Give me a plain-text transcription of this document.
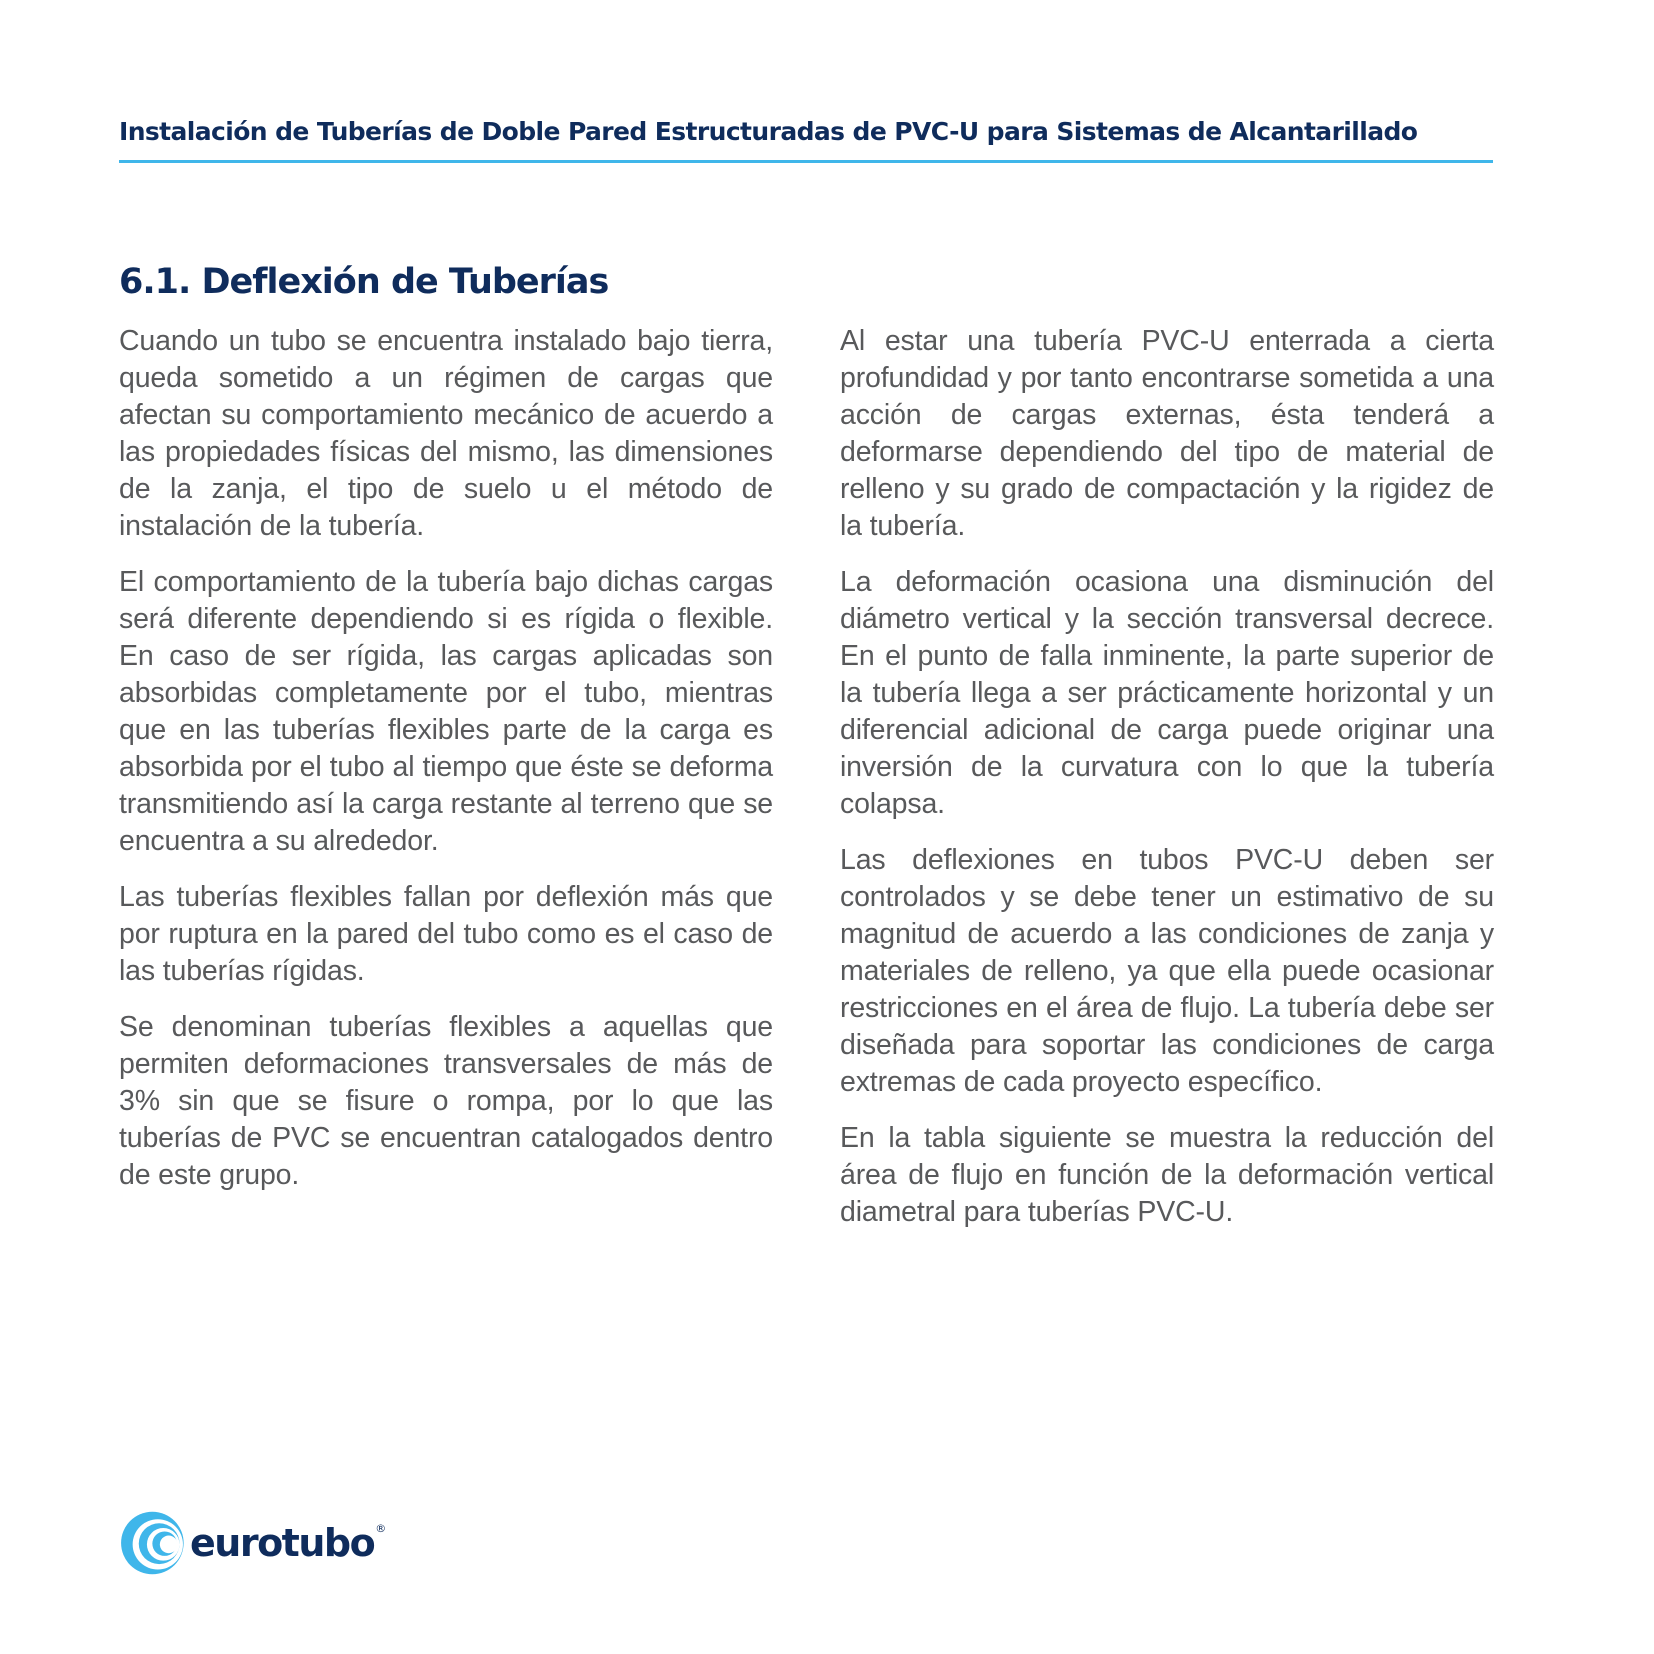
Instalación de Tuberías de Doble Pared Estructuradas de PVC-U para Sistemas de Alcantarillado
6.1. Deflexión de Tuberías

Cuando un tubo se encuentra instalado bajo tierra, queda sometido a un régimen de cargas que afectan su comportamiento mecánico de acuerdo a las propiedades físicas del mismo, las dimensiones de la zanja, el tipo de suelo u el método de instalación de la tubería.

El comportamiento de la tubería bajo dichas cargas será diferente dependiendo si es rígida o flexible. En caso de ser rígida, las cargas aplicadas son absorbidas completamente por el tubo, mientras que en las tuberías flexibles parte de la carga es absorbida por el tubo al tiempo que éste se deforma transmitiendo así la carga restante al terreno que se encuentra a su alrededor.

Las tuberías flexibles fallan por deflexión más que por ruptura en la pared del tubo como es el caso de las tuberías rígidas.

Se denominan tuberías flexibles a aquellas que permiten deformaciones transversales de más de 3% sin que se fisure o rompa, por lo que las tuberías de PVC se encuentran catalogados dentro de este grupo.

Al estar una tubería PVC-U enterrada a cierta profundidad y por tanto encontrarse sometida a una acción de cargas externas, ésta tenderá a deformarse dependiendo del tipo de material de relleno y su grado de compactación y la rigidez de la tubería.

La deformación ocasiona una disminución del diámetro vertical y la sección transversal decrece. En el punto de falla inminente, la parte superior de la tubería llega a ser prácticamente horizontal y un diferencial adicional de carga puede originar una inversión de la curvatura con lo que la tubería colapsa.

Las deflexiones en tubos PVC-U deben ser controlados y se debe tener un estimativo de su magnitud de acuerdo a las condiciones de zanja y materiales de relleno, ya que ella puede ocasionar restricciones en el área de flujo. La tubería debe ser diseñada para soportar las condiciones de carga extremas de cada proyecto específico.

En la tabla siguiente se muestra la reducción del área de flujo en función de la deformación vertical diametral para tuberías PVC-U.

eurotubo ®
